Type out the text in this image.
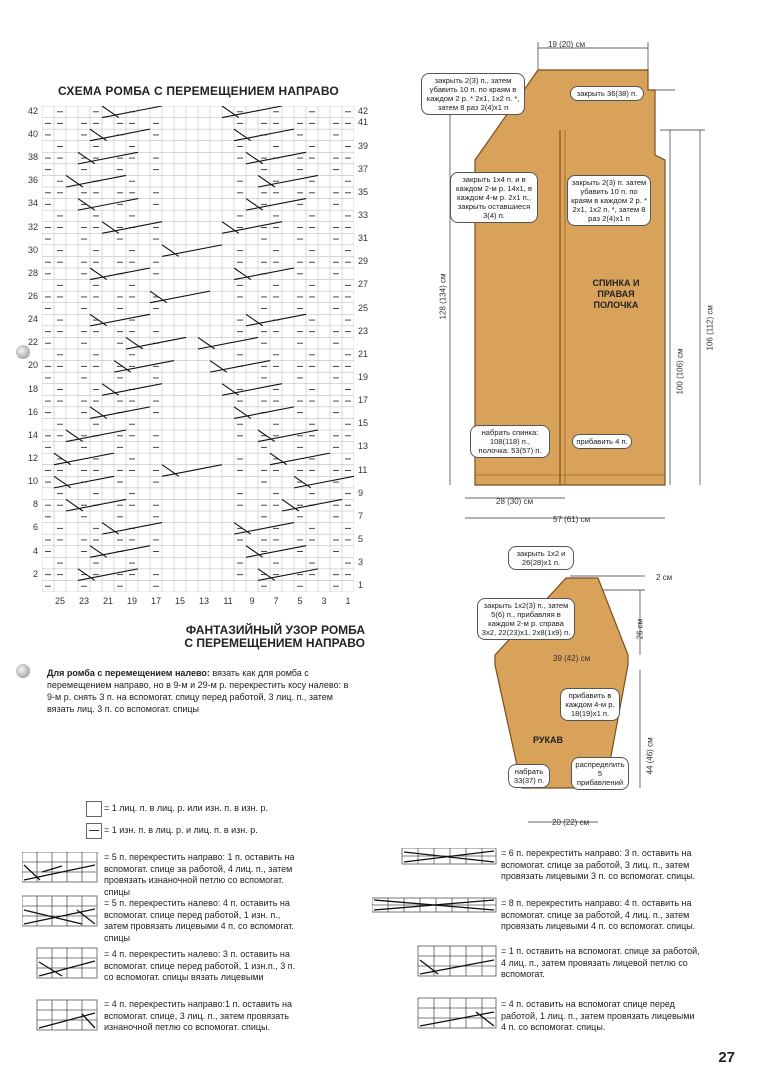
СХЕМА РОМБА С ПЕРЕМЕЩЕНИЕМ НАПРАВО
42
40
38
36
34
32
30
28
26
24
22
20
18
16
14
12
10
8
6
4
2
42
41
39
37
35
33
31
29
27
25
23
21
19
17
15
13
11
9
7
5
3
1
25	23	21	19	17	15	13	11	9	7	5	3	1
ФАНТАЗИЙНЫЙ УЗОР РОМБА
С ПЕРЕМЕЩЕНИЕМ НАПРАВО
Для ромба с перемещением налево: вязать как для ромба с перемещением направо, но в 9-м и 29-м р. перекрестить косу налево: в 9-м р. снять 3 п. на вспомогат. спицу перед работой, 3 лиц. п., затем вязать лиц. 3 п. со вспомогат. спицы
= 1 лиц. п. в лиц. р. или изн. п. в изн. р.
= 1 изн. п. в лиц. р. и лиц. п. в изн. р.
= 5 п. перекрестить направо: 1 п. оставить на вспомогат. спице за работой, 4 лиц. п., затем провязать изнаночной петлю со вспомогат. спицы
= 5 п. перекрестить налево: 4 п. оставить на вспомогат. спице перед работой, 1 изн. п., затем провязать лицевыми 4 п. со вспомогат. спицы
= 4 п. перекрестить налево: 3 п. оставить на вспомогат. спице перед работой, 1 изн.п., 3 п. со вспомогат. спицы вязать лицевыми
= 4 п. перекрестить направо:1 п. оставить на вспомогат. спице, 3 лиц. п., затем провязать изнаночной петлю со вспомогат. спицы.
= 6 п. перекрестить направо: 3 п. оставить на вспомогат. спице за работой, 3 лиц. п., затем провязать лицевыми 3 п. со вспомогат. спицы.
= 8 п. перекрестить направо: 4 п. оставить на вспомогат. спице за работой, 4 лиц. п., затем провязать лицевыми 4 п. со вспомогат. спицы.
= 1 п. оставить на вспомогат. спице за работой, 4 лиц. п., затем провязать лицевой петлю со вспомогат.
= 4 п. оставить на вспомогат спице перед работой, 1 лиц. п., затем провязать лицевыми 4 п. со вспомогат. спицы.
19 (20) см
28 (30) см
57 (61) см
128 (134) см
100 (106) см
106 (112) см
СПИНКА И ПРАВАЯ ПОЛОЧКА
закрыть 2(3) п., затем убавить 10 п. по краям в каждом 2 р. * 2х1, 1х2 п. *, затем 8 раз 2(4)х1 п
закрыть 36(38) п.
закрыть 1х4 п. и в каждом 2-м р. 14х1, в каждом 4-м р. 2х1 п., закрыть оставшиеся 3(4) п.
закрыть 2(3) п. затем убавить 10 п. по краям в каждом 2 р. * 2х1, 1х2 п. *, затем 8 раз 2(4)х1 п
набрать спинка: 108(118) п., полочка: 53(57) п.
прибавить 4 п.
2 см
26 см
39 (42) см
44 (46) см
20 (22) см
РУКАВ
закрыть 1х2 и 26(28)х1 п.
закрыть 1х2(3) п., затем 5(6) п., прибавляя в каждом 2-м р. справа 3х2, 22(23)х1, 2х8(1х9) п.
прибавить в каждом 4-м р. 18(19)х1 п.
набрать 33(37) п.
распределить 5 прибавлений
27
